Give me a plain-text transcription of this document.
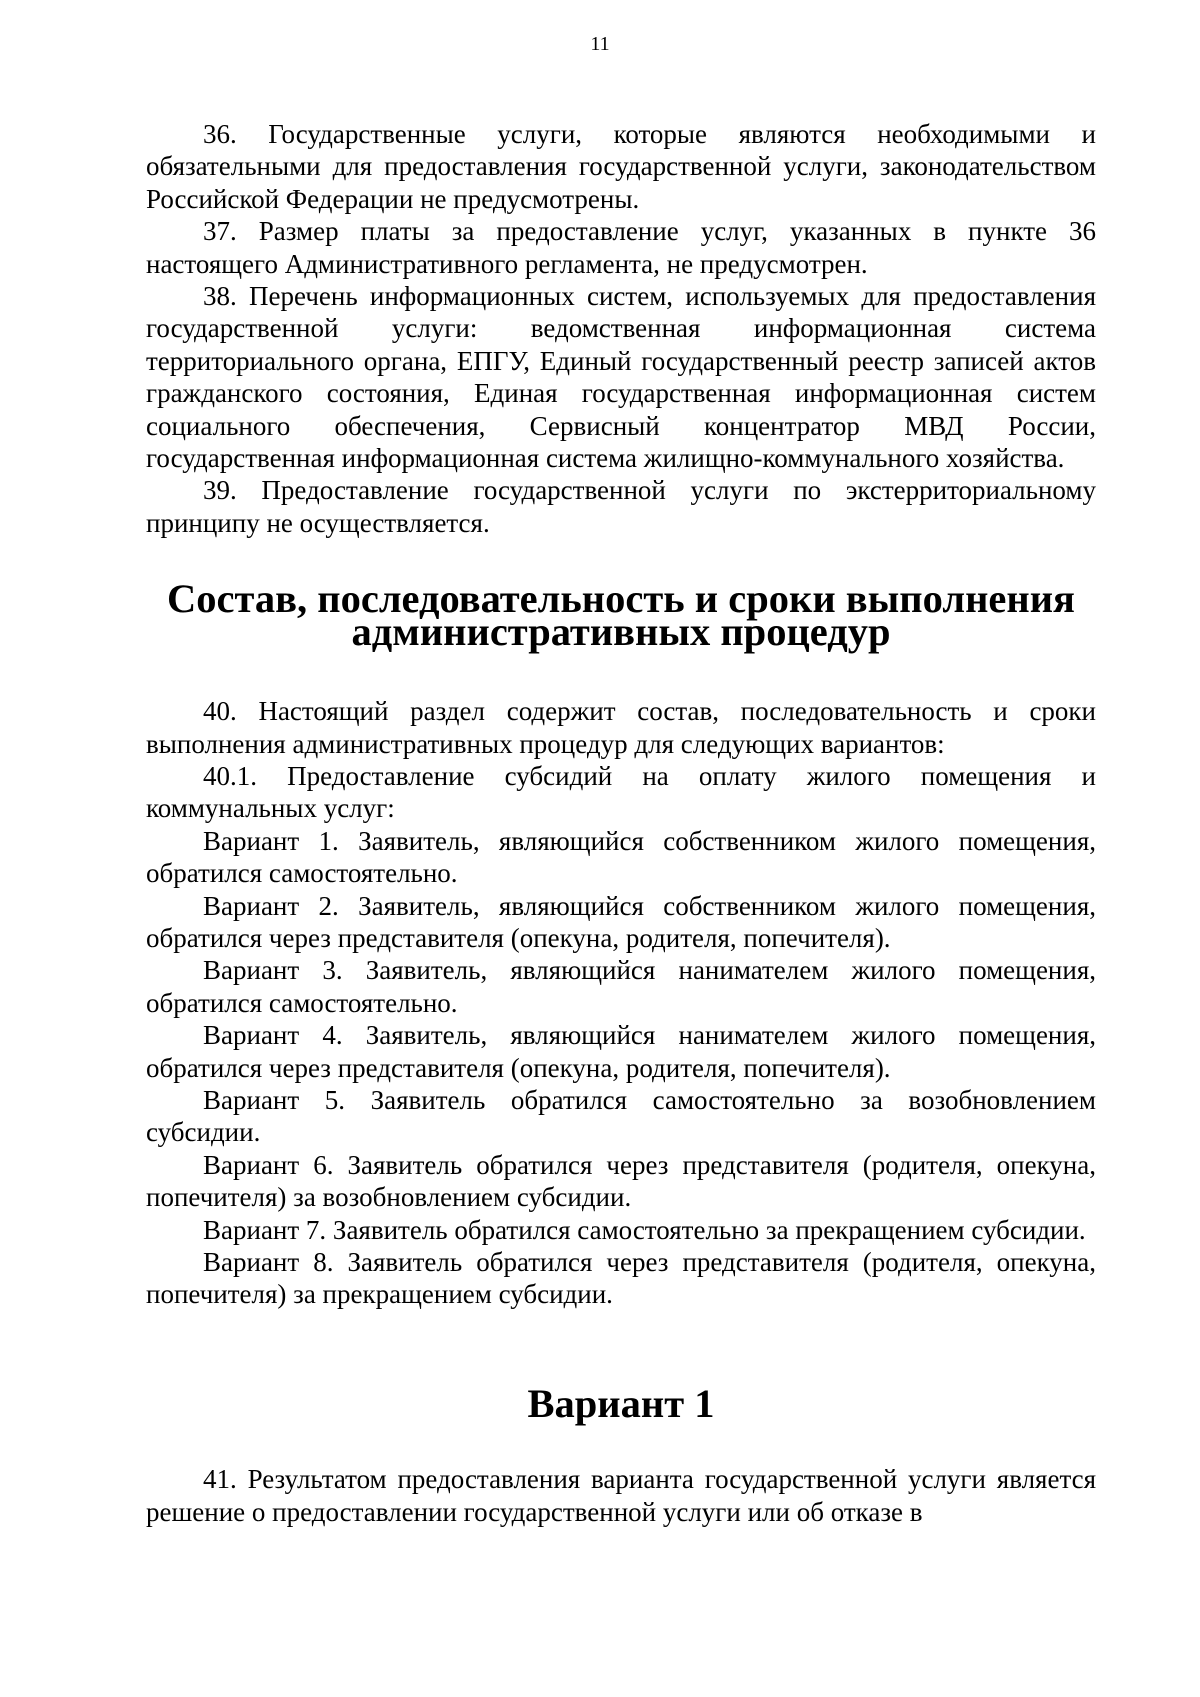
11

36. Государственные услуги, которые являются необходимыми и обязательными для предоставления государственной услуги, законодательством Российской Федерации не предусмотрены.

37. Размер платы за предоставление услуг, указанных в пункте 36 настоящего Административного регламента, не предусмотрен.

38. Перечень информационных систем, используемых для предоставления государственной услуги: ведомственная информационная система территориального органа, ЕПГУ, Единый государственный реестр записей актов гражданского состояния, Единая государственная информационная систем социального обеспечения, Сервисный концентратор МВД России, государственная информационная система жилищно-коммунального хозяйства.

39. Предоставление государственной услуги по экстерриториальному принципу не осуществляется.

Состав, последовательность и сроки выполнения
административных процедур

40. Настоящий раздел содержит состав, последовательность и сроки выполнения административных процедур для следующих вариантов:

40.1. Предоставление субсидий на оплату жилого помещения и коммунальных услуг:

Вариант 1. Заявитель, являющийся собственником жилого помещения, обратился самостоятельно.

Вариант 2. Заявитель, являющийся собственником жилого помещения, обратился через представителя (опекуна, родителя, попечителя).

Вариант 3. Заявитель, являющийся нанимателем жилого помещения, обратился самостоятельно.

Вариант 4. Заявитель, являющийся нанимателем жилого помещения, обратился через представителя (опекуна, родителя, попечителя).

Вариант 5. Заявитель обратился самостоятельно за возобновлением субсидии.

Вариант 6. Заявитель обратился через представителя (родителя, опекуна, попечителя) за возобновлением субсидии.

Вариант 7. Заявитель обратился самостоятельно за прекращением субсидии.

Вариант 8. Заявитель обратился через представителя (родителя, опекуна, попечителя) за прекращением субсидии.

Вариант 1

41. Результатом предоставления варианта государственной услуги является решение о предоставлении государственной услуги или об отказе в
